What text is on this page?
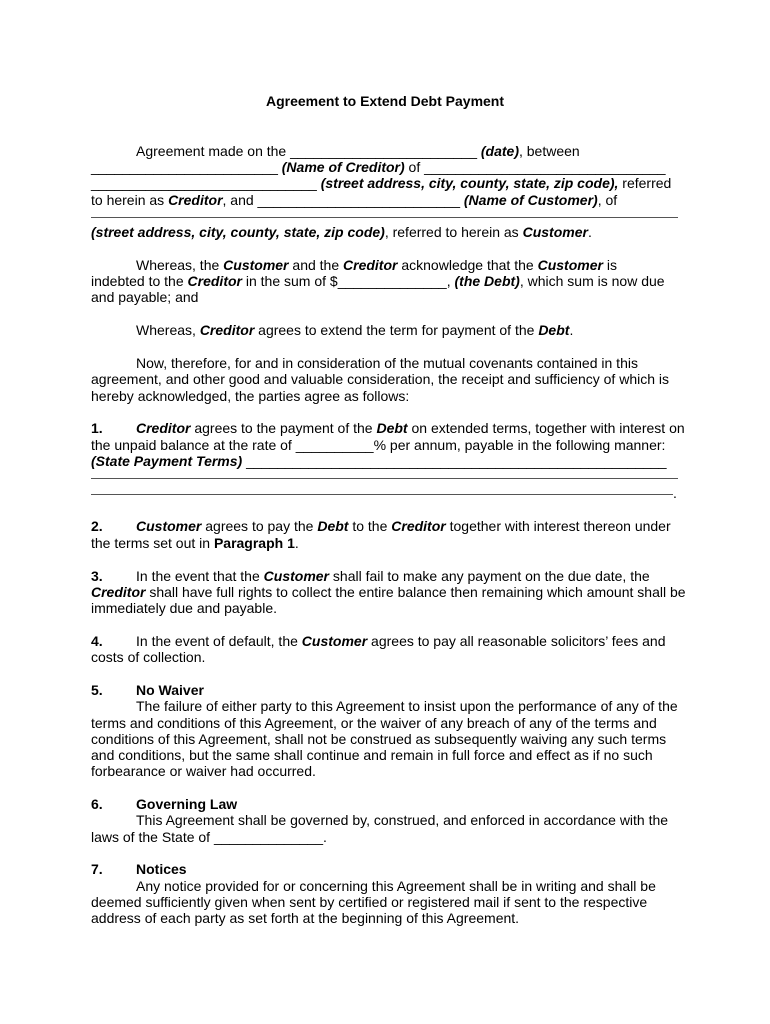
Agreement to Extend Debt Payment
Agreement made on the ________________________ (date), between
________________________ (Name of Creditor) of _______________________________
_____________________________ (street address, city, county, state, zip code), referred
to herein as Creditor, and __________________________ (Name of Customer), of
(street address, city, county, state, zip code), referred to herein as Customer.
Whereas, the Customer and the Creditor acknowledge that the Customer is
indebted to the Creditor in the sum of $______________, (the Debt), which sum is now due
and payable; and
Whereas, Creditor agrees to extend the term for payment of the Debt.
Now, therefore, for and in consideration of the mutual covenants contained in this
agreement, and other good and valuable consideration, the receipt and sufficiency of which is
hereby acknowledged, the parties agree as follows:
1. Creditor agrees to the payment of the Debt on extended terms, together with interest on
the unpaid balance at the rate of __________% per annum, payable in the following manner:
(State Payment Terms) ______________________________________________________
.
2. Customer agrees to pay the Debt to the Creditor together with interest thereon under
the terms set out in Paragraph 1.
3. In the event that the Customer shall fail to make any payment on the due date, the
Creditor shall have full rights to collect the entire balance then remaining which amount shall be
immediately due and payable.
4. In the event of default, the Customer agrees to pay all reasonable solicitors’ fees and
costs of collection.
5. No Waiver
The failure of either party to this Agreement to insist upon the performance of any of the
terms and conditions of this Agreement, or the waiver of any breach of any of the terms and
conditions of this Agreement, shall not be construed as subsequently waiving any such terms
and conditions, but the same shall continue and remain in full force and effect as if no such
forbearance or waiver had occurred.
6. Governing Law
This Agreement shall be governed by, construed, and enforced in accordance with the
laws of the State of ______________.
7. Notices
Any notice provided for or concerning this Agreement shall be in writing and shall be
deemed sufficiently given when sent by certified or registered mail if sent to the respective
address of each party as set forth at the beginning of this Agreement.
